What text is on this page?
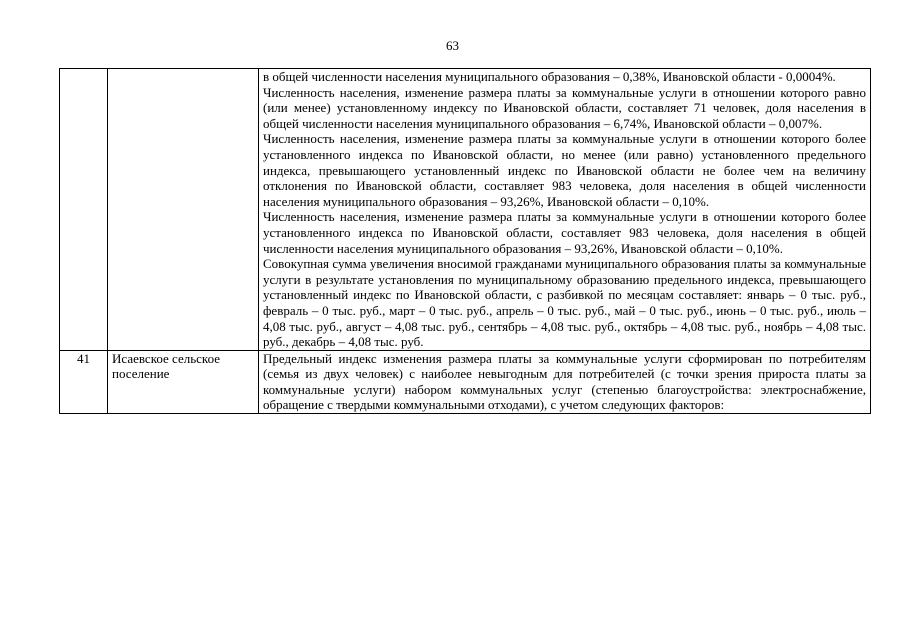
63

		в общей численности населения муниципального образования – 0,38%, Ивановской области - 0,0004%.

Численность населения, изменение размера платы за коммунальные услуги в отношении которого равно (или менее) установленному индексу по Ивановской области, составляет 71 человек, доля населения в общей численности населения муниципального образования – 6,74%, Ивановской области – 0,007%.

Численность населения, изменение размера платы за коммунальные услуги в отношении которого более установленного индекса по Ивановской области, но менее (или равно) установленного предельного индекса, превышающего установленный индекс по Ивановской области не более чем на величину отклонения по Ивановской области, составляет 983 человека, доля населения в общей численности населения муниципального образования – 93,26%, Ивановской области – 0,10%.

Численность населения, изменение размера платы за коммунальные услуги в отношении которого более установленного индекса по Ивановской области, составляет 983 человека, доля населения в общей численности населения муниципального образования – 93,26%, Ивановской области – 0,10%.

Совокупная сумма увеличения вносимой гражданами муниципального образования платы за коммунальные услуги в результате установления по муниципальному образованию предельного индекса, превышающего установленный индекс по Ивановской области, с разбивкой по месяцам составляет: январь – 0 тыс. руб., февраль – 0 тыс. руб., март – 0 тыс. руб., апрель – 0 тыс. руб., май – 0 тыс. руб., июнь – 0 тыс. руб., июль – 4,08 тыс. руб., август – 4,08 тыс. руб., сентябрь – 4,08 тыс. руб., октябрь – 4,08 тыс. руб., ноябрь – 4,08 тыс. руб., декабрь – 4,08 тыс. руб.

41	Исаевское сельское поселение	Предельный индекс изменения размера платы за коммунальные услуги сформирован по потребителям (семья из двух человек) с наиболее невыгодным для потребителей (с точки зрения прироста платы за коммунальные услуги) набором коммунальных услуг (степенью благоустройства: электроснабжение, обращение с твердыми коммунальными отходами), с учетом следующих факторов:
